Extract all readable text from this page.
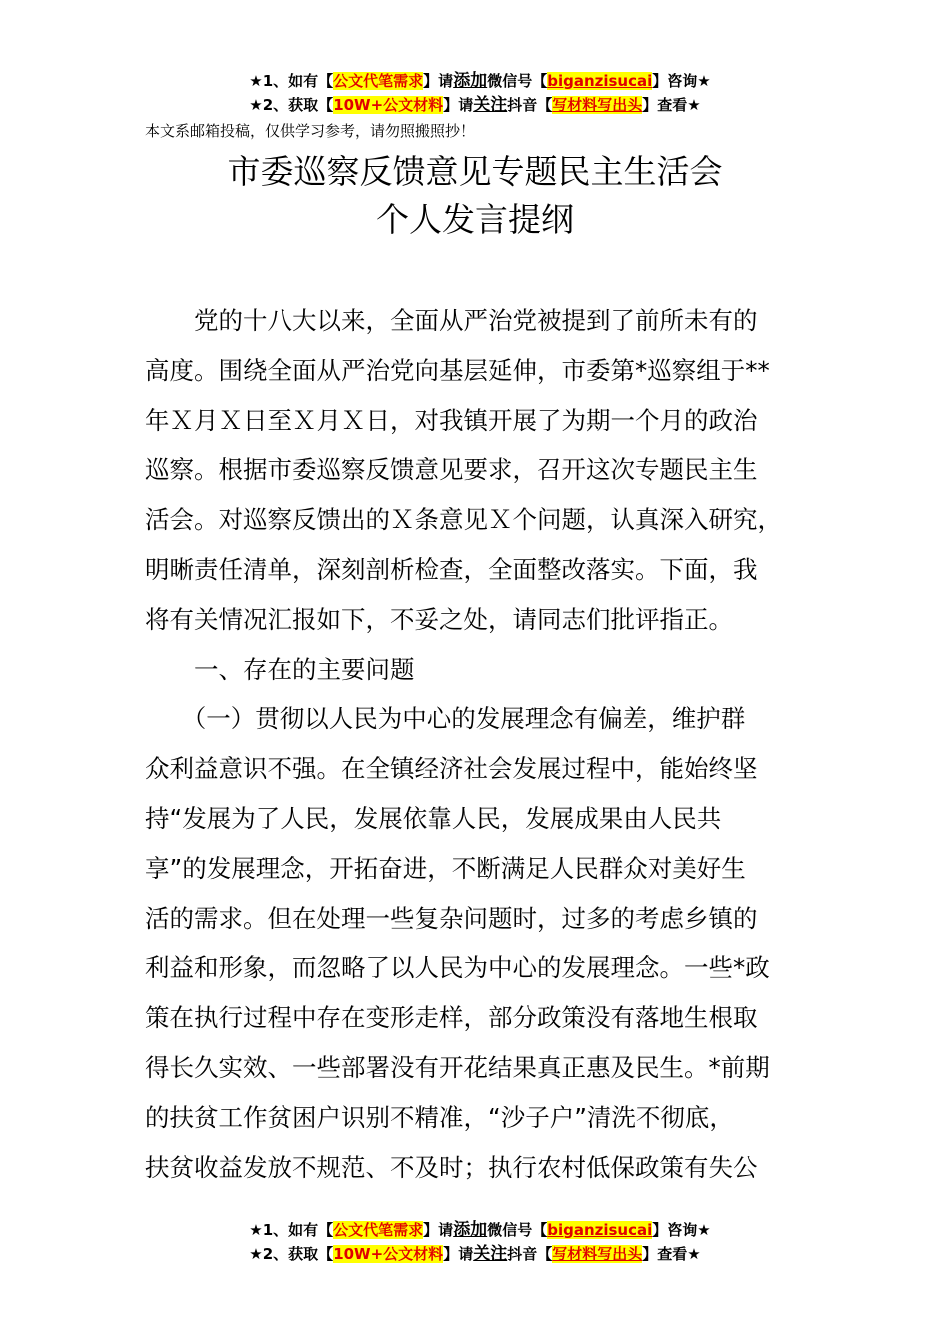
★1、如有【公文代笔需求】请添加微信号【biganzisucai】咨询★
★2、获取【10W+公文材料】请关注抖音【写材料写出头】查看★
本文系邮箱投稿，仅供学习参考，请勿照搬照抄！
市委巡察反馈意见专题民主生活会
个人发言提纲
　　党的十八大以来，全面从严治党被提到了前所未有的
高度。围绕全面从严治党向基层延伸，市委第*巡察组于**
年Ｘ月Ｘ日至Ｘ月Ｘ日，对我镇开展了为期一个月的政治
巡察。根据市委巡察反馈意见要求，召开这次专题民主生
活会。对巡察反馈出的Ｘ条意见Ｘ个问题，认真深入研究，
明晰责任清单，深刻剖析检查，全面整改落实。下面，我
将有关情况汇报如下，不妥之处，请同志们批评指正。
　　一、存在的主要问题
　　（一）贯彻以人民为中心的发展理念有偏差，维护群
众利益意识不强。在全镇经济社会发展过程中，能始终坚
持“发展为了人民，发展依靠人民，发展成果由人民共
享”的发展理念，开拓奋进，不断满足人民群众对美好生
活的需求。但在处理一些复杂问题时，过多的考虑乡镇的
利益和形象，而忽略了以人民为中心的发展理念。一些*政
策在执行过程中存在变形走样，部分政策没有落地生根取
得长久实效、一些部署没有开花结果真正惠及民生。*前期
的扶贫工作贫困户识别不精准，“沙子户”清洗不彻底，
扶贫收益发放不规范、不及时；执行农村低保政策有失公
★1、如有【公文代笔需求】请添加微信号【biganzisucai】咨询★
★2、获取【10W+公文材料】请关注抖音【写材料写出头】查看★
